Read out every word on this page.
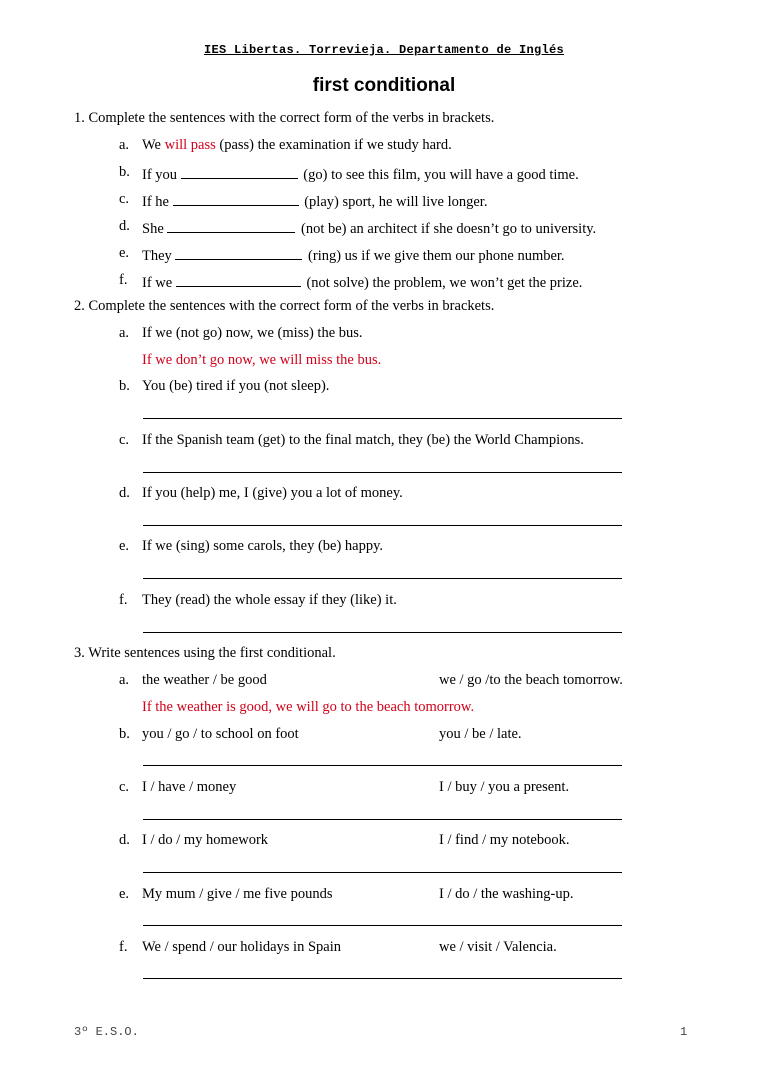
IES Libertas. Torrevieja. Departamento de Inglés
first conditional
1. Complete the sentences with the correct form of the verbs in brackets.
a. We will pass (pass) the examination if we study hard.
b. If you	(go) to see this film, you will have a good time.
c. If he	(play) sport, he will live longer.
d. She	(not be) an architect if she doesn’t go to university.
e. They	(ring) us if we give them our phone number.
f. If we	(not solve) the problem, we won’t get the prize.
2. Complete the sentences with the correct form of the verbs in brackets.
a. If we (not go) now, we (miss) the bus.
If we don’t go now, we will miss the bus.
b. You (be) tired if you (not sleep).
c. If the Spanish team (get) to the final match, they (be) the World Champions.
d. If you (help) me, I (give) you a lot of money.
e. If we (sing) some carols, they (be) happy.
f. They (read) the whole essay if they (like) it.
3. Write sentences using the first conditional.
a. the weather / be good	we / go /to the beach tomorrow.
If the weather is good, we will go to the beach tomorrow.
b. you / go / to school on foot	you / be / late.
c. I / have / money	I / buy / you a present.
d. I / do / my homework	I / find / my notebook.
e. My mum / give / me five pounds	I / do / the washing-up.
f. We / spend / our holidays in Spain	we / visit / Valencia.
3º E.S.O.	1
